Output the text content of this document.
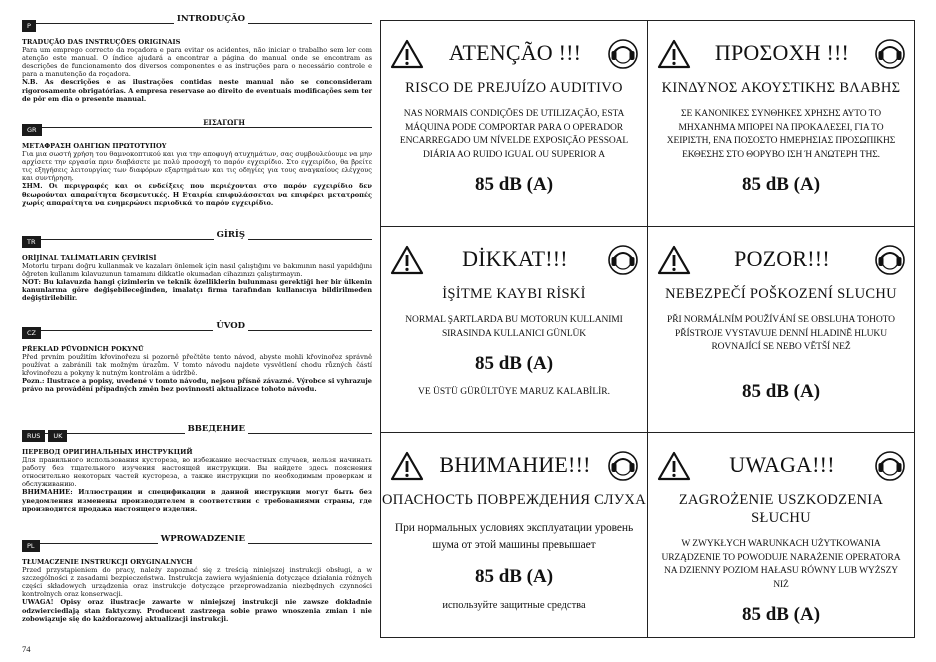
P
INTRODUÇÃO
TRADUÇÃO DAS INSTRUÇÕES ORIGINAIS
Para um emprego correcto da roçadora e para evitar os acidentes, não iniciar o trabalho sem ler com atenção este manual. O índice ajudará a encontrar a página do manual onde se encontram as descrições de funcionamento dos diversos componentes e as instruções para o necessário controle e para a manutenção da roçadora.
N.B. As descrições e as ilustrações contidas neste manual não se conconsideram rigorosamente obrigatórias. A empresa reservase ao direito de eventuais modificações sem ter de pôr em dia o presente manual.
GR
ΕΙΣΑΓΩΓΗ
ΜΕΤΑΦΡΑΣΗ ΟΔΗΓΙΩΝ ΠΡΩΤΟΤΥΠΟΥ
Για μια σωστή χρήση του θαμνοκοπτικού και για την αποφυγή ατυχημάτων, σας συμβουλεύουμε να μην αρχίσετε την εργασία πριν διαβάσετε με πολύ προσοχή το παρόν εγχειρίδιο. Στο εγχειρίδιο, θα βρείτε τις εξηγήσεις λειτουργίας των διαφόρων εξαρτημάτων και τις οδηγίες για τους αναγκαίους ελέγχους και συντήρηση.
ΣΗΜ. Οι περιγραφές και οι ενδείξεις που περιέχονται στο παρόν εγχειρίδιο δεν θεωρούνται απαραίτητα δεσμευτικές. Η Εταιρία επιφυλάσσεται να επιφέρει μετατροπές χωρίς απαραίτητα να ενημερώνει περιοδικά το παρόν εγχειρίδιο.
TR
GİRİŞ
ORİJİNAL TALİMATLARIN ÇEVİRİSİ
Motorlu tırpanı doğru kullanmak ve kazaları önlemek için nasıl çalıştığını ve bakımının nasıl yapıldığını öğreten kullanım kılavuzunun tamamını dikkatle okumadan cihazınızı çalıştırmayın.
NOT: Bu kılavuzda hangi çizimlerin ve teknik özelliklerin bulunması gerektiği her bir ülkenin kanunlarına göre değişebileceğinden, imalatçı firma tarafından kullanıcıya bildirilmeden değiştirilebilir.
CZ
ÚVOD
PŘEKLAD PŮVODNÍCH POKYNŮ
Před prvním použitím křovinořezu si pozorně přečtěte tento návod, abyste mohli křovinořez správně používat a zabránili tak možným úrazům. V tomto návodu najdete vysvětlení chodu různých částí křovinořezu a pokyny k nutným kontrolám a údržbě.
Pozn.: Ilustrace a popisy, uvedené v tomto návodu, nejsou přísně závazné. Výrobce si vyhrazuje právo na provádění případných změn bez povinnosti aktualizace tohoto návodu.
RUS	UK
ВВЕДЕНИЕ
ПЕРЕВОД ОРИГИНАЛЬНЫХ ИНСТРУКЦИЙ
Для правильного использования кустореза, во избежание несчастных случаев, нельзя начинать работу без тщательного изучения настоящей инструкции. Вы найдете здесь пояснения относительно некоторых частей кустореза, а также инструкции по необходимым проверкам и обслуживанию.
ВНИМАНИЕ: Иллюстрации и спецификации в данной инструкции могут быть без уведомления изменены производителем в соответствии с требованиями страны, где производится продажа настоящего изделия.
PL
WPROWADZENIE
TŁUMACZENIE INSTRUKCJI ORYGINALNYCH
Przed przystąpieniem do pracy, należy zapoznać się z treścią niniejszej instrukcji obsługi, a w szczególności z zasadami bezpieczeństwa. Instrukcja zawiera wyjaśnienia dotyczące działania różnych części składowych urządzenia oraz instrukcje dotyczące przeprowadzania niezbędnych czynności kontrolnych oraz konserwacji.
UWAGA! Opisy oraz ilustracje zawarte w niniejszej instrukcji nie zawsze dokładnie odzwierciedlają stan faktyczny. Producent zastrzega sobie prawo wnoszenia zmian i nie zobowiązuje się do każdorazowej aktualizacji instrukcji.
74
ATENÇÃO !!!
RISCO DE PREJUÍZO AUDITIVO
NAS NORMAIS CONDIÇÕES DE UTILIZAÇÃO, ESTA MÁQUINA PODE COMPORTAR PARA O OPERADOR ENCARREGADO UM NÍVELDE EXPOSIÇÃO PESSOAL DIÁRIA AO RUIDO IGUAL OU SUPERIOR A
85 dB (A)
ΠΡΟΣΟΧΗ !!!
ΚΙΝΔΥΝΟΣ ΑΚΟΥΣΤΙΚΗΣ ΒΛΑΒΗΣ
ΣΕ ΚΑΝΟΝΙΚΕΣ ΣΥΝΘΗΚΕΣ ΧΡΗΣΗΣ ΑΥΤΟ ΤΟ ΜΗΧΑΝΗΜΑ ΜΠΟΡΕΙ ΝΑ ΠΡΟΚΑΛΕΣΕΙ, ΓΙΑ ΤΟ ΧΕΙΡΙΣΤΗ, ΕΝΑ ΠΟΣΟΣΤΟ ΗΜΕΡΗΣΙΑΣ ΠΡΟΣΩΠΙΚΗΣ ΕΚΘΕΣΗΣ ΣΤΟ ΘΟΡΥΒΟ ΙΣΗ Ή ΑΝΩΤΕΡΗ ΤΗΣ.
85 dB (A)
DİKKAT!!!
İŞİTME KAYBI RİSKİ
NORMAL ŞARTLARDA BU MOTORUN KULLANIMI SIRASINDA KULLANICI GÜNLÜK
85 dB (A)
VE ÜSTÜ GÜRÜLTÜYE MARUZ KALABİLİR.
POZOR!!!
NEBEZPEČÍ POŠKOZENÍ SLUCHU
PŘI NORMÁLNÍM POUŽÍVÁNÍ SE OBSLUHA TOHOTO PŘÍSTROJE VYSTAVUJE DENNÍ HLADINĚ HLUKU ROVNAJÍCÍ SE NEBO VĚTŠÍ NEŽ
85 dB (A)
ВНИМАНИЕ!!!
ОПАСНОСТЬ ПОВРЕЖДЕНИЯ СЛУХА
При нормальных условиях эксплуатации уровень шума от этой машины превышает
85 dB (A)
используйте защитные средства
UWAGA!!!
ZAGROŻENIE USZKODZENIA SŁUCHU
W ZWYKŁYCH WARUNKACH UŻYTKOWANIA URZĄDZENIE TO POWODUJE NARAŻENIE OPERATORA NA DZIENNY POZIOM HAŁASU RÓWNY LUB WYŻSZY NIŻ
85 dB (A)
